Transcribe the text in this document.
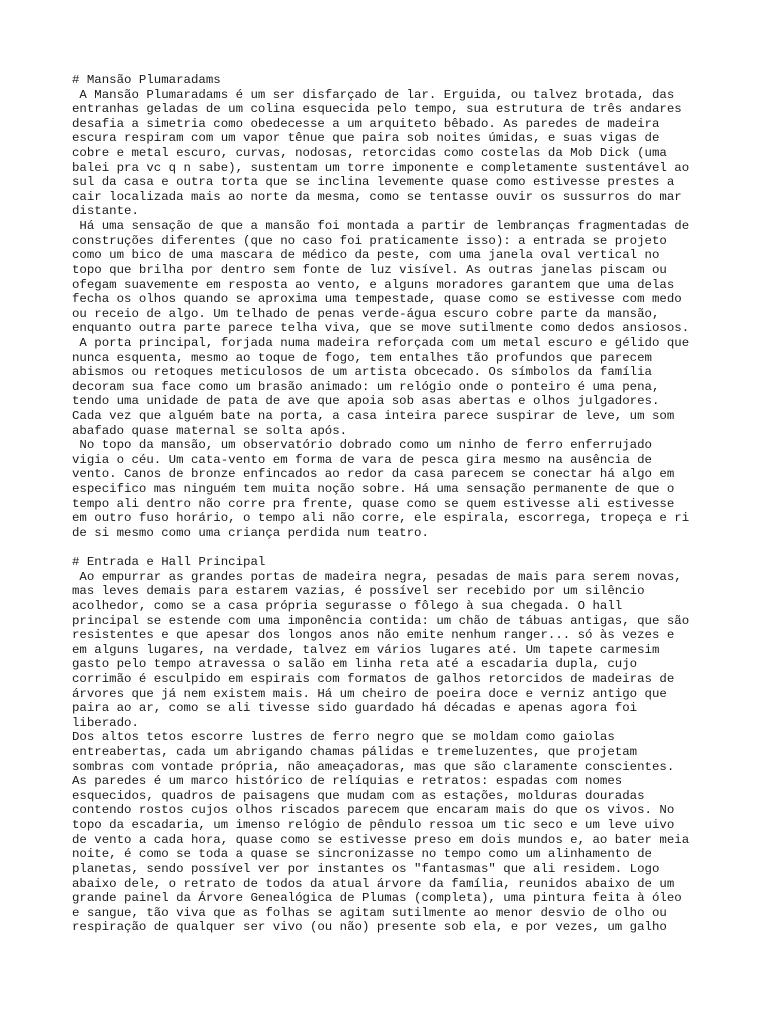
# Mansão Plumaradams
A Mansão Plumaradams é um ser disfarçado de lar. Erguida, ou talvez brotada, das
entranhas geladas de um colina esquecida pelo tempo, sua estrutura de três andares
desafia a simetria como obedecesse a um arquiteto bêbado. As paredes de madeira
escura respiram com um vapor tênue que paira sob noites úmidas, e suas vigas de
cobre e metal escuro, curvas, nodosas, retorcidas como costelas da Mob Dick (uma
balei pra vc q n sabe), sustentam um torre imponente e completamente sustentável ao
sul da casa e outra torta que se inclina levemente quase como estivesse prestes a
cair localizada mais ao norte da mesma, como se tentasse ouvir os sussurros do mar
distante.
Há uma sensação de que a mansão foi montada a partir de lembranças fragmentadas de
construções diferentes (que no caso foi praticamente isso): a entrada se projeto
como um bico de uma mascara de médico da peste, com uma janela oval vertical no
topo que brilha por dentro sem fonte de luz visível. As outras janelas piscam ou
ofegam suavemente em resposta ao vento, e alguns moradores garantem que uma delas
fecha os olhos quando se aproxima uma tempestade, quase como se estivesse com medo
ou receio de algo. Um telhado de penas verde-água escuro cobre parte da mansão,
enquanto outra parte parece telha viva, que se move sutilmente como dedos ansiosos.
A porta principal, forjada numa madeira reforçada com um metal escuro e gélido que
nunca esquenta, mesmo ao toque de fogo, tem entalhes tão profundos que parecem
abismos ou retoques meticulosos de um artista obcecado. Os símbolos da família
decoram sua face como um brasão animado: um relógio onde o ponteiro é uma pena,
tendo uma unidade de pata de ave que apoia sob asas abertas e olhos julgadores.
Cada vez que alguém bate na porta, a casa inteira parece suspirar de leve, um som
abafado quase maternal se solta após.
No topo da mansão, um observatório dobrado como um ninho de ferro enferrujado
vigia o céu. Um cata-vento em forma de vara de pesca gira mesmo na ausência de
vento. Canos de bronze enfincados ao redor da casa parecem se conectar há algo em
especifico mas ninguém tem muita noção sobre. Há uma sensação permanente de que o
tempo ali dentro não corre pra frente, quase como se quem estivesse ali estivesse
em outro fuso horário, o tempo ali não corre, ele espirala, escorrega, tropeça e ri
de si mesmo como uma criança perdida num teatro.
# Entrada e Hall Principal
Ao empurrar as grandes portas de madeira negra, pesadas de mais para serem novas,
mas leves demais para estarem vazias, é possível ser recebido por um silêncio
acolhedor, como se a casa própria segurasse o fôlego à sua chegada. O hall
principal se estende com uma imponência contida: um chão de tábuas antigas, que são
resistentes e que apesar dos longos anos não emite nenhum ranger... só às vezes e
em alguns lugares, na verdade, talvez em vários lugares até. Um tapete carmesim
gasto pelo tempo atravessa o salão em linha reta até a escadaria dupla, cujo
corrimão é esculpido em espirais com formatos de galhos retorcidos de madeiras de
árvores que já nem existem mais. Há um cheiro de poeira doce e verniz antigo que
paira ao ar, como se ali tivesse sido guardado há décadas e apenas agora foi
liberado.
Dos altos tetos escorre lustres de ferro negro que se moldam como gaiolas
entreabertas, cada um abrigando chamas pálidas e tremeluzentes, que projetam
sombras com vontade própria, não ameaçadoras, mas que são claramente conscientes.
As paredes é um marco histórico de relíquias e retratos: espadas com nomes
esquecidos, quadros de paisagens que mudam com as estações, molduras douradas
contendo rostos cujos olhos riscados parecem que encaram mais do que os vivos. No
topo da escadaria, um imenso relógio de pêndulo ressoa um tic seco e um leve uivo
de vento a cada hora, quase como se estivesse preso em dois mundos e, ao bater meia
noite, é como se toda a quase se sincronizasse no tempo como um alinhamento de
planetas, sendo possível ver por instantes os "fantasmas" que ali residem. Logo
abaixo dele, o retrato de todos da atual árvore da família, reunidos abaixo de um
grande painel da Árvore Genealógica de Plumas (completa), uma pintura feita à óleo
e sangue, tão viva que as folhas se agitam sutilmente ao menor desvio de olho ou
respiração de qualquer ser vivo (ou não) presente sob ela, e por vezes, um galho
